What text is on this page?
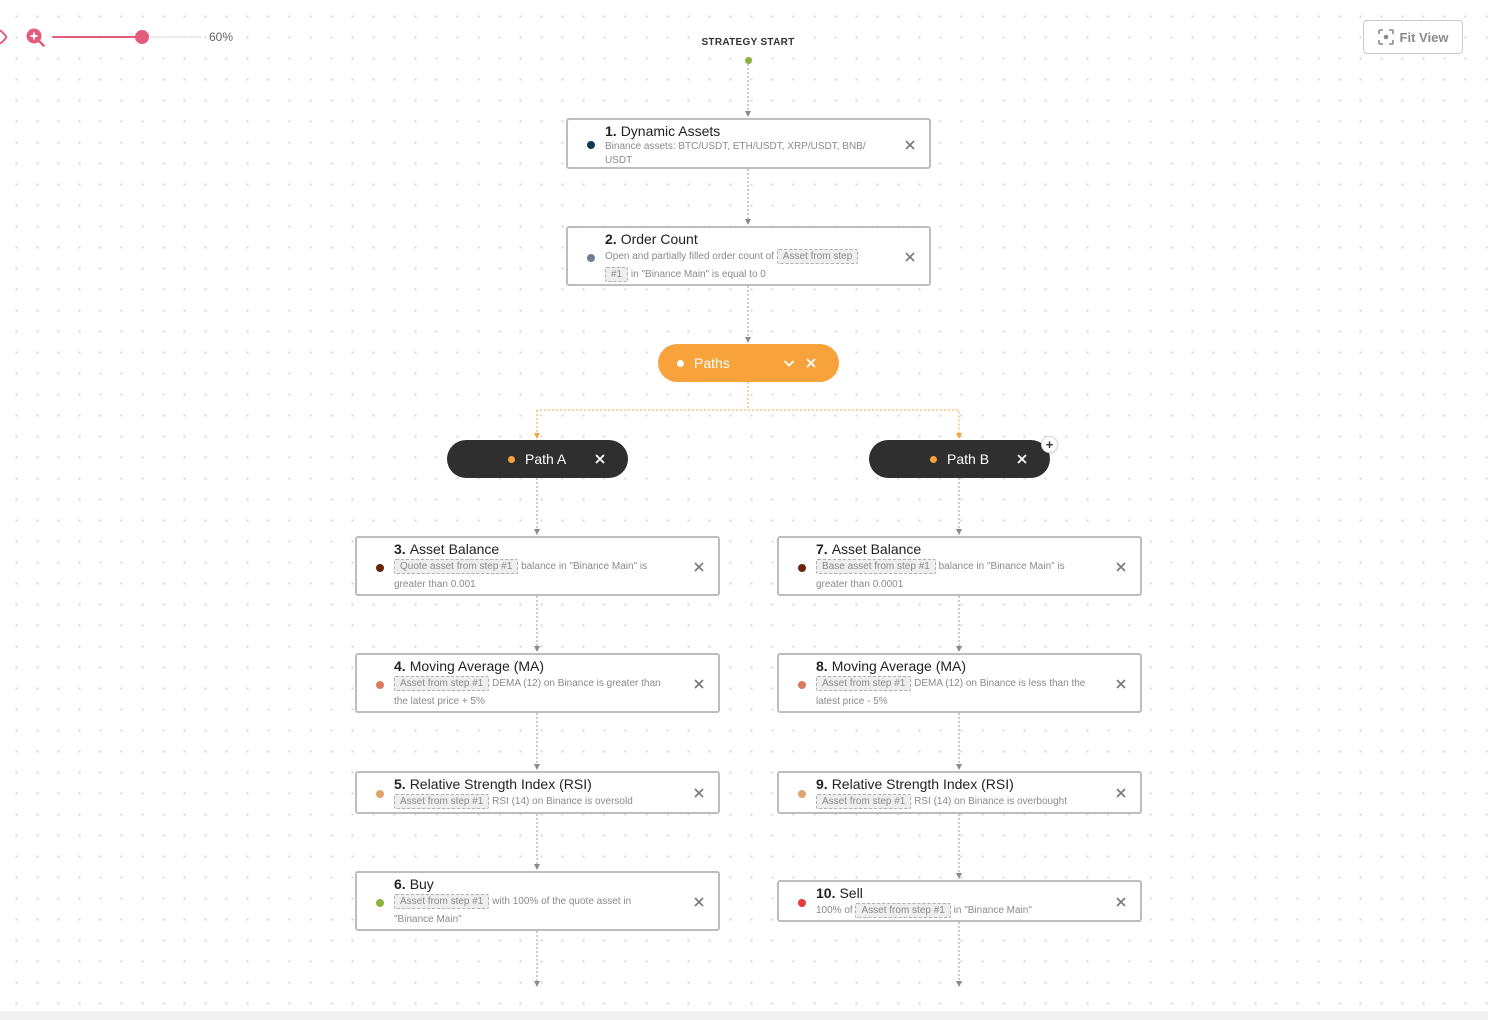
60%	Fit View
STRATEGY START
1. Dynamic Assets
Binance assets: BTC/USDT, ETH/USDT, XRP/USDT, BNB/
USDT
2. Order Count
Open and partially filled order count of Asset from step
#1 in "Binance Main" is equal to 0
Paths
Path A	Path B
+
3. Asset Balance
Quote asset from step #1 balance in "Binance Main" is
greater than 0.001
4. Moving Average (MA)
Asset from step #1 DEMA (12) on Binance is greater than
the latest price + 5%
5. Relative Strength Index (RSI)
Asset from step #1 RSI (14) on Binance is oversold
6. Buy
Asset from step #1 with 100% of the quote asset in
"Binance Main"
7. Asset Balance
Base asset from step #1 balance in "Binance Main" is
greater than 0.0001
8. Moving Average (MA)
Asset from step #1 DEMA (12) on Binance is less than the
latest price - 5%
9. Relative Strength Index (RSI)
Asset from step #1 RSI (14) on Binance is overbought
10. Sell
100% of Asset from step #1 in "Binance Main"
